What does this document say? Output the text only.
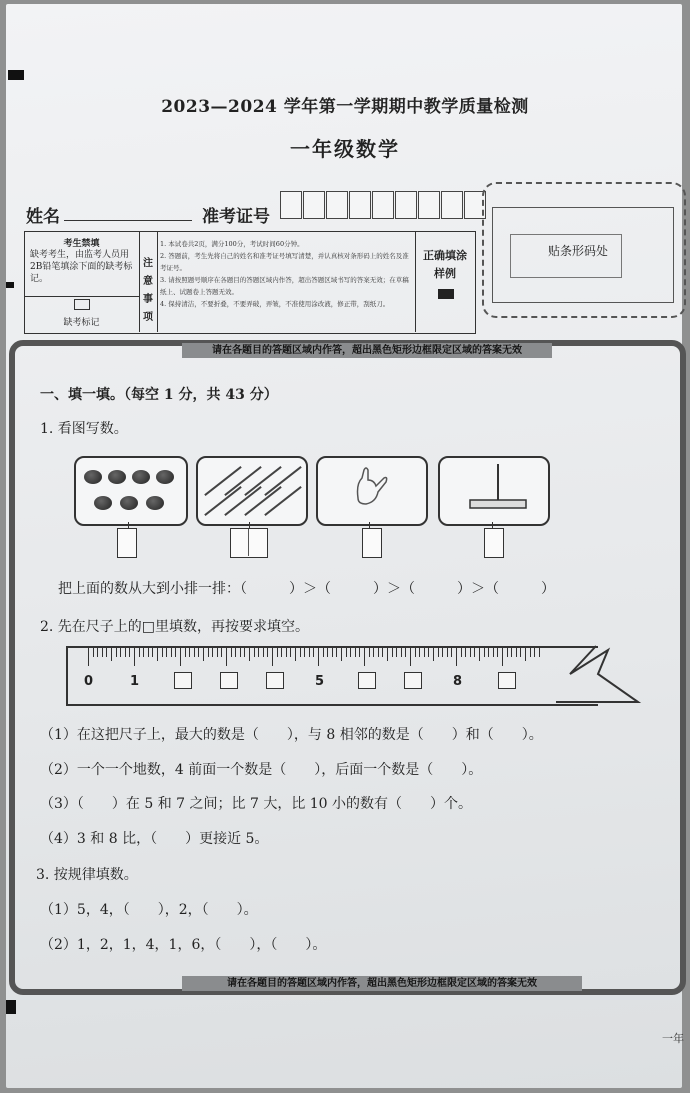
2023—2024 学年第一学期期中教学质量检测
一年级数学
姓名	准考证号
贴条形码处
考生禁填
缺考考生，由监考人员用2B铅笔填涂下面的缺考标记。
缺考标记
注意事项
1. 本试卷共2页，满分100分，考试时间60分钟。
2. 答题前，考生先将自己的姓名和准考证号填写清楚，并认真核对条形码上的姓名及准考证号。
3. 请按照题号顺序在各题目的答题区域内作答，超出答题区域书写的答案无效；在草稿纸上、试题卷上答题无效。
4. 保持清洁，不要折叠，不要弄破，弄皱，不准使用涂改液，修正带，刮纸刀。
正确填涂样例
请在各题目的答题区域内作答，超出黑色矩形边框限定区域的答案无效
一、填一填。（每空 1 分，共 43 分）
1. 看图写数。
把上面的数从大到小排一排：（　　　）＞（　　　）＞（　　　）＞（　　　）
2. 先在尺子上的□里填数，再按要求填空。
0	1	5	8
（1）在这把尺子上，最大的数是（　　），与 8 相邻的数是（　　）和（　　）。
（2）一个一个地数，4 前面一个数是（　　），后面一个数是（　　）。
（3）（　　）在 5 和 7 之间；比 7 大，比 10 小的数有（　　）个。
（4）3 和 8 比，（　　）更接近 5。
3. 按规律填数。
（1）5，4，（　　），2，（　　）。
（2）1，2，1，4，1，6，（　　），（　　）。
请在各题目的答题区域内作答，超出黑色矩形边框限定区域的答案无效
一年
